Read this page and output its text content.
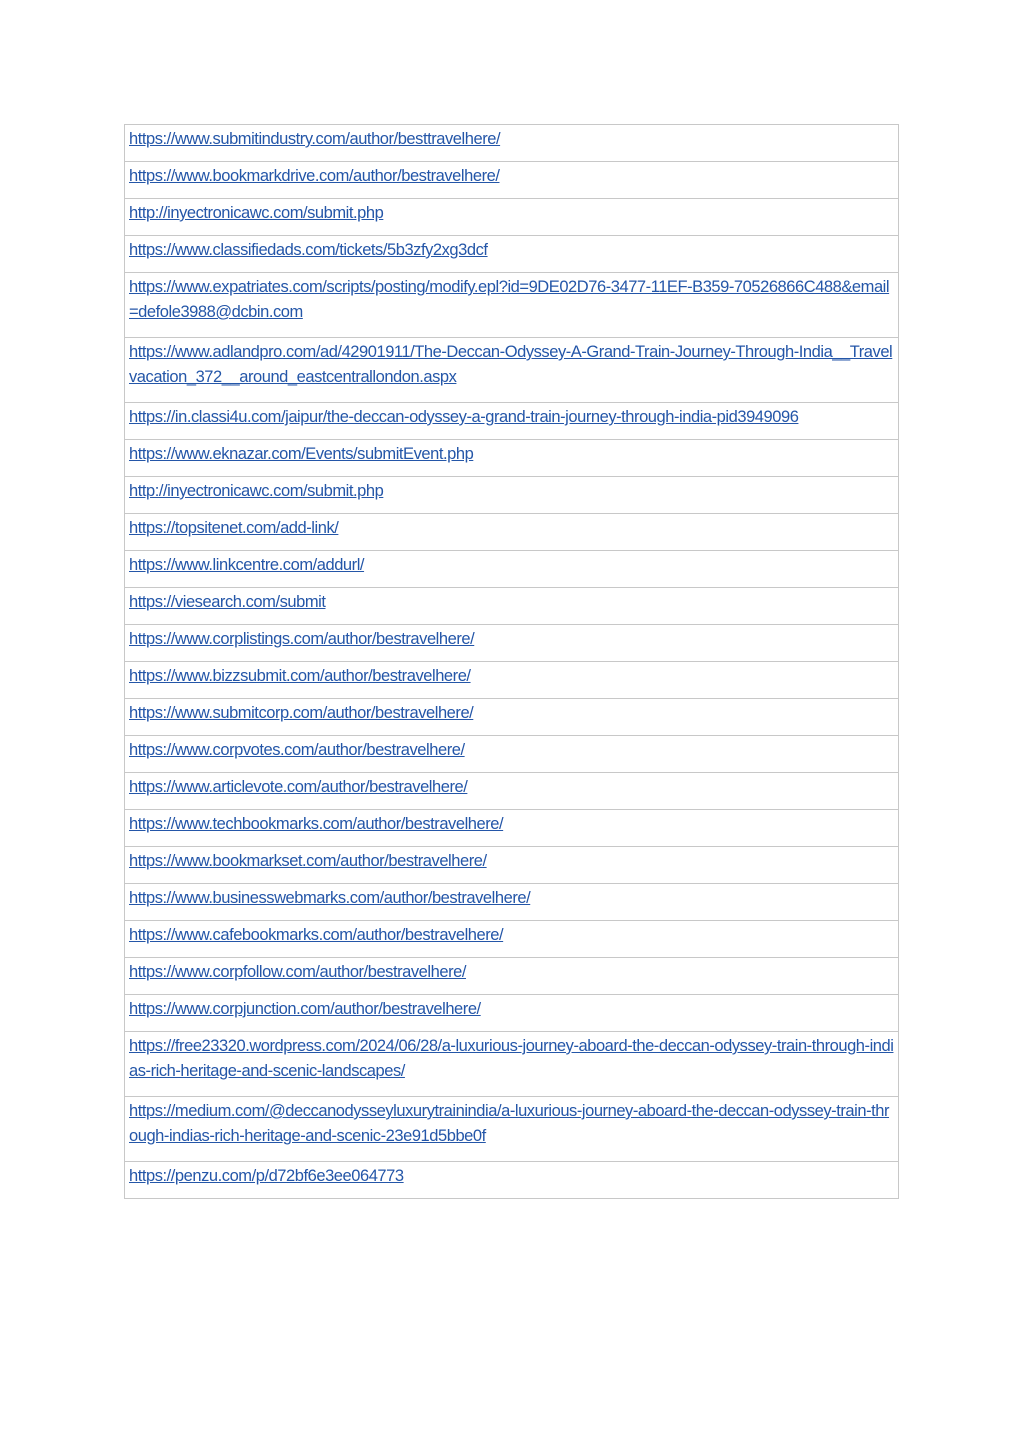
https://www.submitindustry.com/author/besttravelhere/
https://www.bookmarkdrive.com/author/bestravelhere/
http://inyectronicawc.com/submit.php
https://www.classifiedads.com/tickets/5b3zfy2xg3dcf
https://www.expatriates.com/scripts/posting/modify.epl?id=9DE02D76-3477-11EF-B359-70526866C488&email=defole3988@dcbin.com
https://www.adlandpro.com/ad/42901911/The-Deccan-Odyssey-A-Grand-Train-Journey-Through-India__Travelvacation_372__around_eastcentrallondon.aspx
https://in.classi4u.com/jaipur/the-deccan-odyssey-a-grand-train-journey-through-india-pid3949096
https://www.eknazar.com/Events/submitEvent.php
http://inyectronicawc.com/submit.php
https://topsitenet.com/add-link/
https://www.linkcentre.com/addurl/
https://viesearch.com/submit
https://www.corplistings.com/author/bestravelhere/
https://www.bizzsubmit.com/author/bestravelhere/
https://www.submitcorp.com/author/bestravelhere/
https://www.corpvotes.com/author/bestravelhere/
https://www.articlevote.com/author/bestravelhere/
https://www.techbookmarks.com/author/bestravelhere/
https://www.bookmarkset.com/author/bestravelhere/
https://www.businesswebmarks.com/author/bestravelhere/
https://www.cafebookmarks.com/author/bestravelhere/
https://www.corpfollow.com/author/bestravelhere/
https://www.corpjunction.com/author/bestravelhere/
https://free23320.wordpress.com/2024/06/28/a-luxurious-journey-aboard-the-deccan-odyssey-train-through-indias-rich-heritage-and-scenic-landscapes/
https://medium.com/@deccanodysseyluxurytrainindia/a-luxurious-journey-aboard-the-deccan-odyssey-train-through-indias-rich-heritage-and-scenic-23e91d5bbe0f
https://penzu.com/p/d72bf6e3ee064773
